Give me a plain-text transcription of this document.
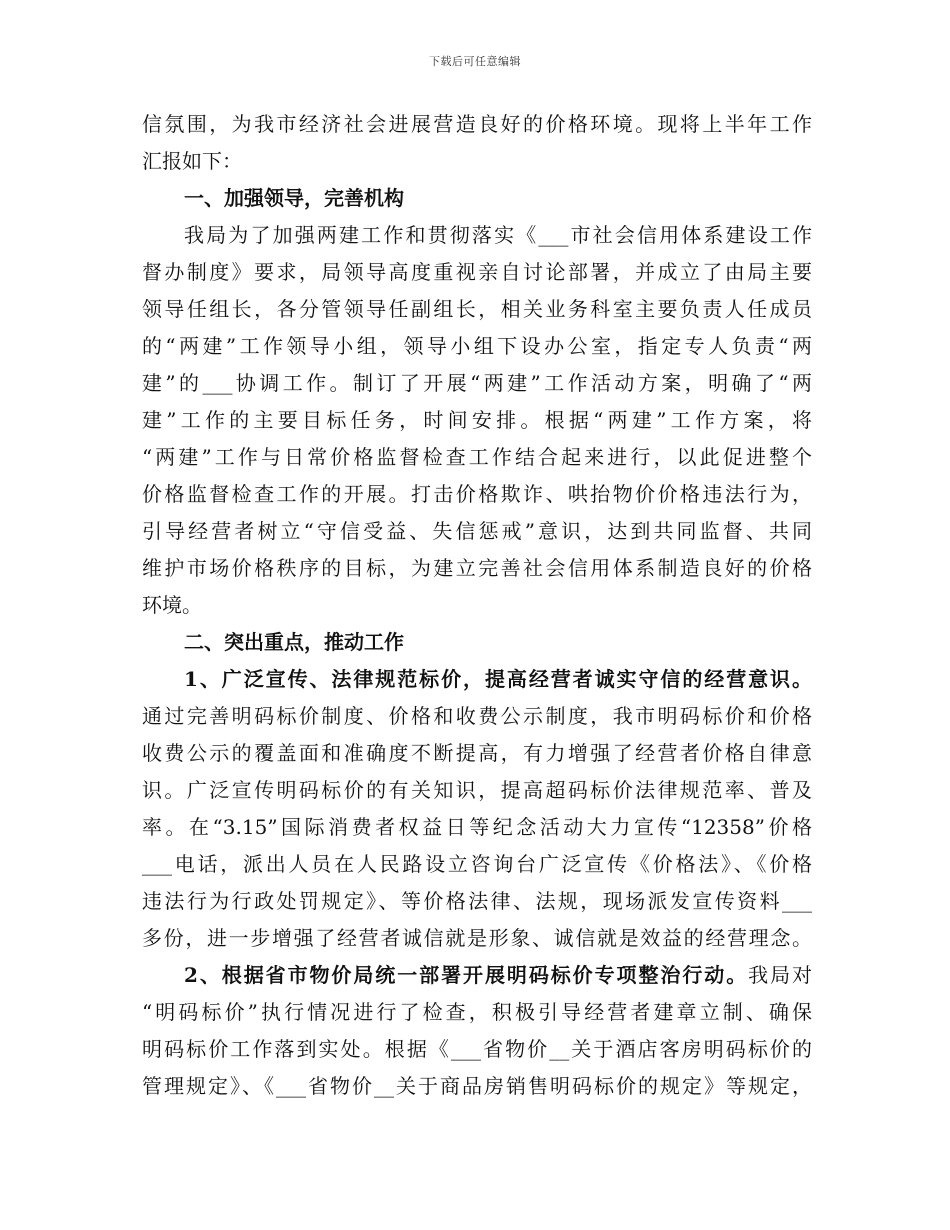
下载后可任意编辑
信氛围，为我市经济社会进展营造良好的价格环境。现将上半年工作
汇报如下：
一、加强领导，完善机构
我局为了加强两建工作和贯彻落实《___市社会信用体系建设工作
督办制度》要求，局领导高度重视亲自讨论部署，并成立了由局主要
领导任组长，各分管领导任副组长，相关业务科室主要负责人任成员
的“两建”工作领导小组，领导小组下设办公室，指定专人负责“两
建”的___协调工作。制订了开展“两建”工作活动方案，明确了“两
建”工作的主要目标任务，时间安排。根据“两建”工作方案，将
“两建”工作与日常价格监督检查工作结合起来进行，以此促进整个
价格监督检查工作的开展。打击价格欺诈、哄抬物价价格违法行为，
引导经营者树立“守信受益、失信惩戒”意识，达到共同监督、共同
维护市场价格秩序的目标，为建立完善社会信用体系制造良好的价格
环境。
二、突出重点，推动工作
1、广泛宣传、法律规范标价，提高经营者诚实守信的经营意识。
通过完善明码标价制度、价格和收费公示制度，我市明码标价和价格
收费公示的覆盖面和准确度不断提高，有力增强了经营者价格自律意
识。广泛宣传明码标价的有关知识，提高超码标价法律规范率、普及
率。在“3.15”国际消费者权益日等纪念活动大力宣传“12358”价格
___电话，派出人员在人民路设立咨询台广泛宣传《价格法》、《价格
违法行为行政处罚规定》、等价格法律、法规，现场派发宣传资料___
多份，进一步增强了经营者诚信就是形象、诚信就是效益的经营理念。
2、根据省市物价局统一部署开展明码标价专项整治行动。我局对
“明码标价”执行情况进行了检查，积极引导经营者建章立制、确保
明码标价工作落到实处。根据《___省物价__关于酒店客房明码标价的
管理规定》、《___省物价__关于商品房销售明码标价的规定》等规定，
